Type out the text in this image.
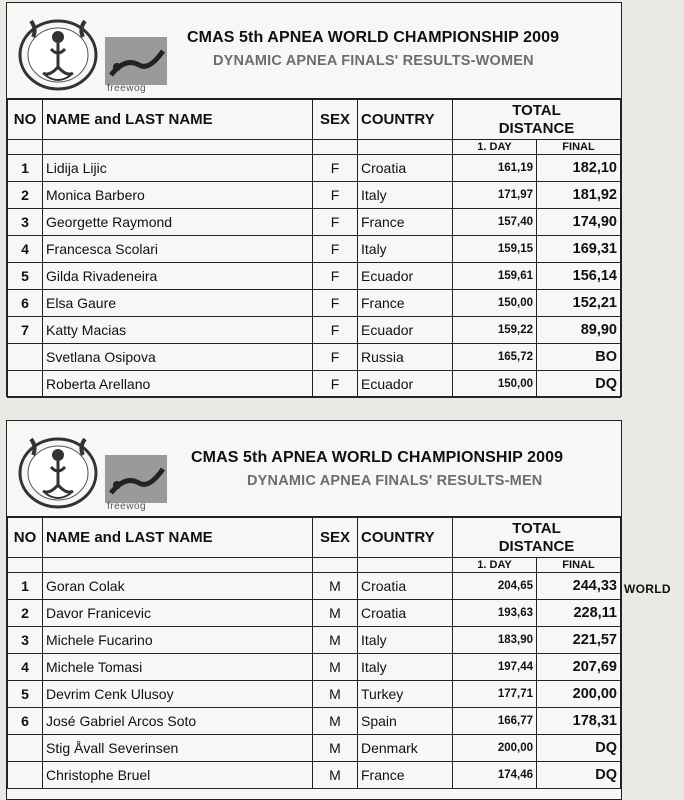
freewog
CMAS 5th APNEA WORLD CHAMPIONSHIP 2009
DYNAMIC APNEA FINALS' RESULTS-WOMEN
NO	NAME and LAST NAME	SEX	COUNTRY	TOTAL DISTANCE	
				1. DAY	FINAL
1	Lidija Lijic	F	Croatia	161,19	182,10
2	Monica Barbero	F	Italy	171,97	181,92
3	Georgette Raymond	F	France	157,40	174,90
4	Francesca Scolari	F	Italy	159,15	169,31
5	Gilda Rivadeneira	F	Ecuador	159,61	156,14
6	Elsa Gaure	F	France	150,00	152,21
7	Katty Macias	F	Ecuador	159,22	89,90
	Svetlana Osipova	F	Russia	165,72	BO
	Roberta Arellano	F	Ecuador	150,00	DQ
freewog
CMAS 5th APNEA WORLD CHAMPIONSHIP 2009
DYNAMIC APNEA FINALS' RESULTS-MEN
NO	NAME and LAST NAME	SEX	COUNTRY	TOTAL DISTANCE	
				1. DAY	FINAL
1	Goran Colak	M	Croatia	204,65	244,33
2	Davor Franicevic	M	Croatia	193,63	228,11
3	Michele Fucarino	M	Italy	183,90	221,57
4	Michele Tomasi	M	Italy	197,44	207,69
5	Devrim Cenk Ulusoy	M	Turkey	177,71	200,00
6	José Gabriel Arcos Soto	M	Spain	166,77	178,31
	Stig Åvall Severinsen	M	Denmark	200,00	DQ
	Christophe Bruel	M	France	174,46	DQ
WORLD
